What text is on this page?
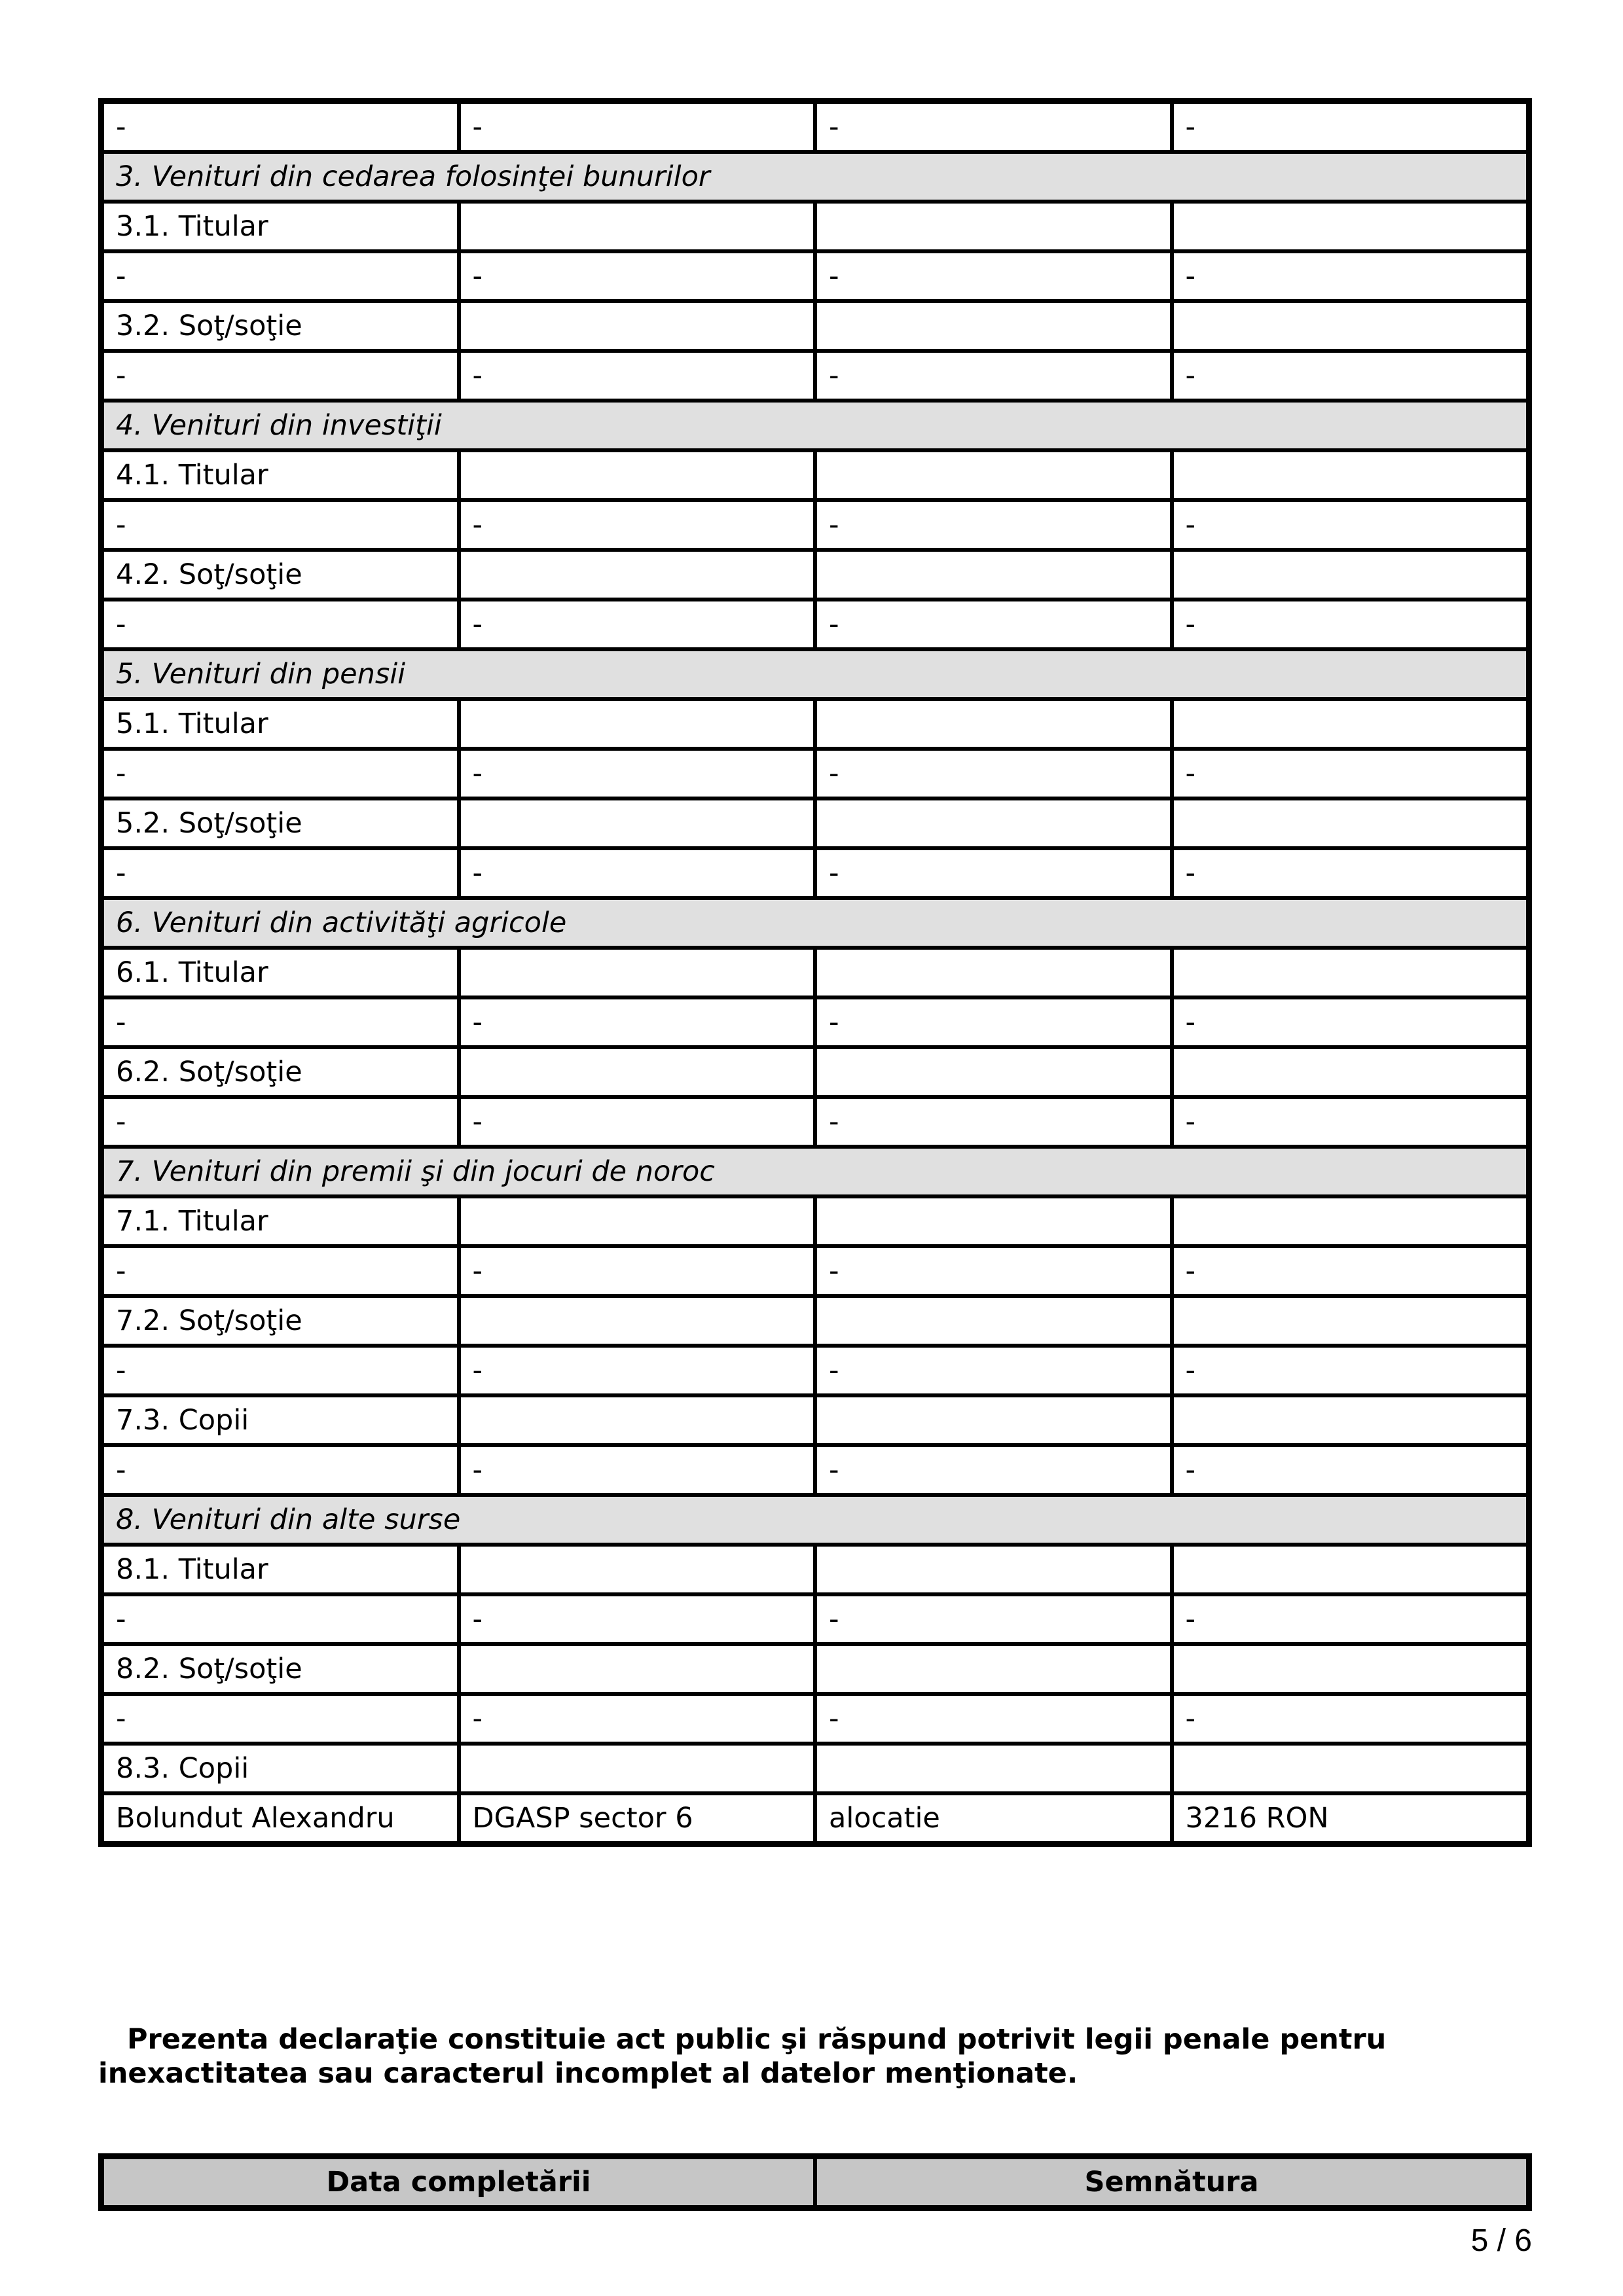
-	-	-	-
3. Venituri din cedarea folosinţei bunurilor			
3.1. Titular			
-	-	-	-
3.2. Soţ/soţie			
-	-	-	-
4. Venituri din investiţii			
4.1. Titular			
-	-	-	-
4.2. Soţ/soţie			
-	-	-	-
5. Venituri din pensii			
5.1. Titular			
-	-	-	-
5.2. Soţ/soţie			
-	-	-	-
6. Venituri din activităţi agricole			
6.1. Titular			
-	-	-	-
6.2. Soţ/soţie			
-	-	-	-
7. Venituri din premii şi din jocuri de noroc			
7.1. Titular			
-	-	-	-
7.2. Soţ/soţie			
-	-	-	-
7.3. Copii			
-	-	-	-
8. Venituri din alte surse			
8.1. Titular			
-	-	-	-
8.2. Soţ/soţie			
-	-	-	-
8.3. Copii			
Bolundut Alexandru	DGASP sector 6	alocatie	3216 RON

Prezenta declaraţie constituie act public şi răspund potrivit legii penale pentru inexactitatea sau caracterul incomplet al datelor menţionate.

Data completării	Semnătura
5 / 6
